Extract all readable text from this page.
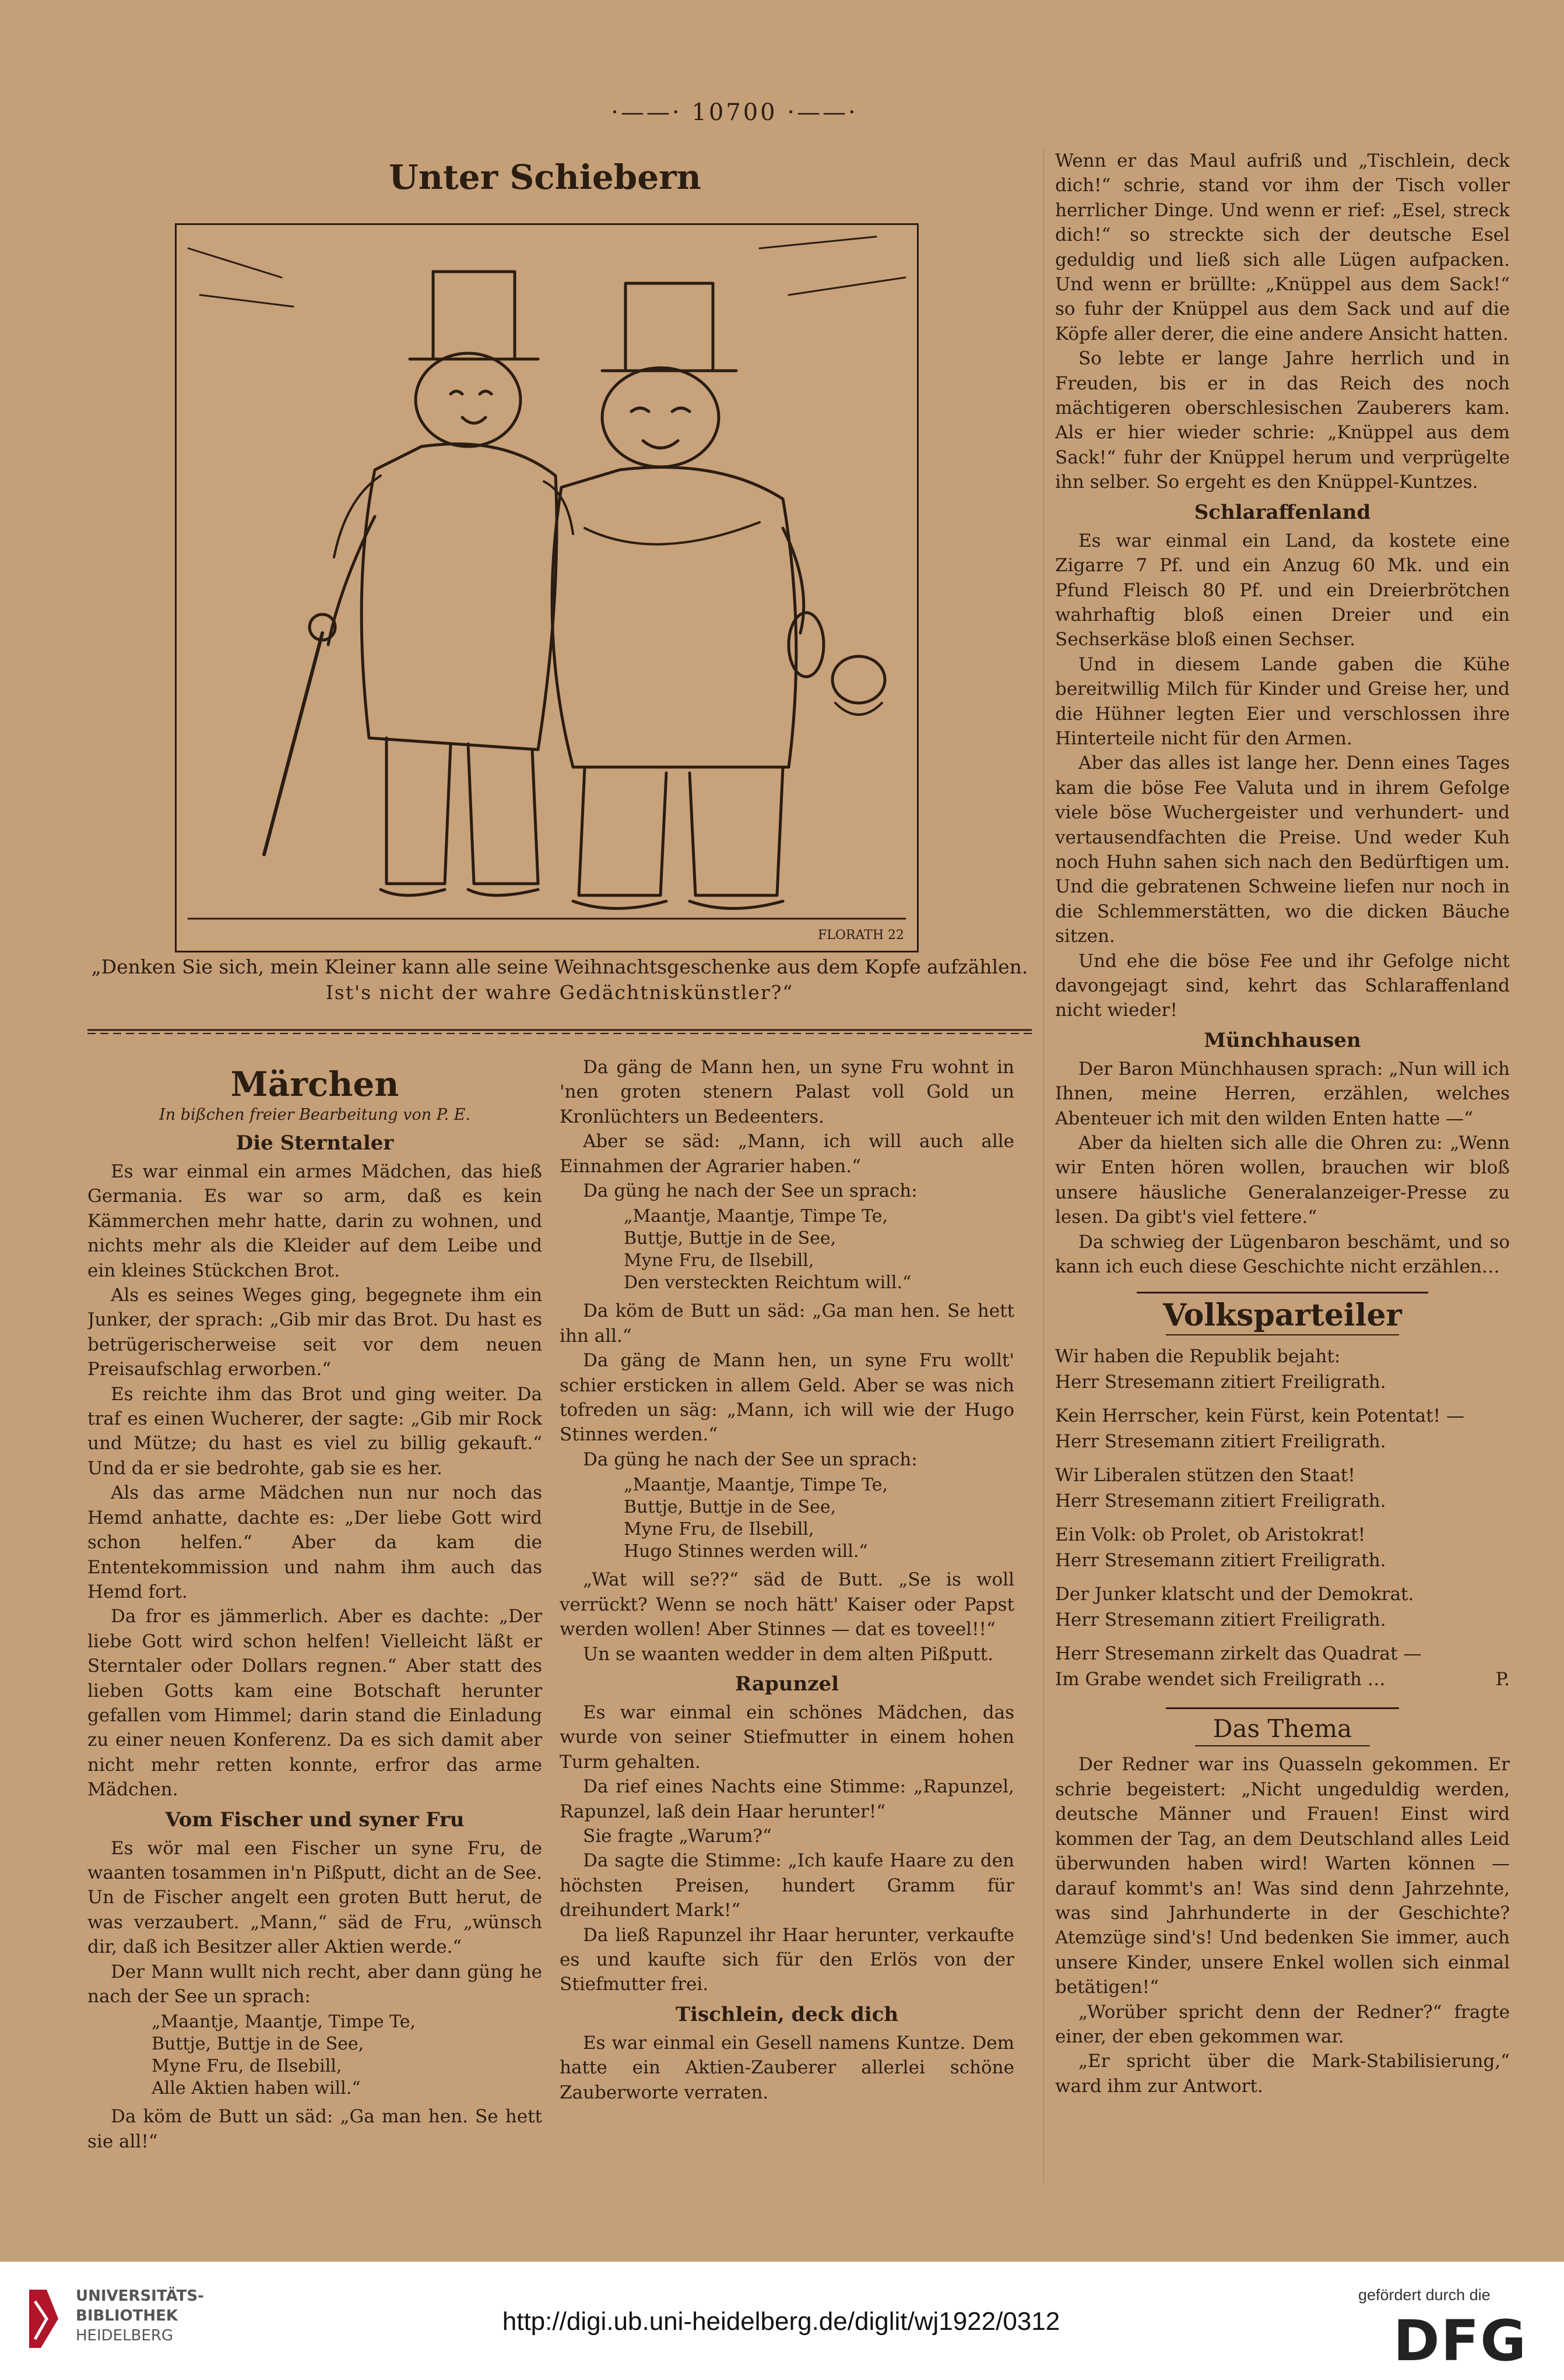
·——· 10700 ·——·
Unter Schiebern
FLORATH 22
„Denken Sie sich, mein Kleiner kann alle seine Weihnachtsgeschenke aus dem Kopfe aufzählen.
Ist's nicht der wahre Gedächtniskünstler?“
Märchen
In bißchen freier Bearbeitung von P. E.
Die Sterntaler

Es war einmal ein armes Mädchen, das hieß Germania. Es war so arm, daß es kein Kämmerchen mehr hatte, darin zu wohnen, und nichts mehr als die Kleider auf dem Leibe und ein kleines Stückchen Brot.

Als es seines Weges ging, begegnete ihm ein Junker, der sprach: „Gib mir das Brot. Du hast es betrügerischerweise seit vor dem neuen Preisaufschlag erworben.“

Es reichte ihm das Brot und ging weiter. Da traf es einen Wucherer, der sagte: „Gib mir Rock und Mütze; du hast es viel zu billig gekauft.“ Und da er sie bedrohte, gab sie es her.

Als das arme Mädchen nun nur noch das Hemd anhatte, dachte es: „Der liebe Gott wird schon helfen.“ Aber da kam die Ententekommission und nahm ihm auch das Hemd fort.

Da fror es jämmerlich. Aber es dachte: „Der liebe Gott wird schon helfen! Vielleicht läßt er Sterntaler oder Dollars regnen.“ Aber statt des lieben Gotts kam eine Botschaft herunter gefallen vom Himmel; darin stand die Einladung zu einer neuen Konferenz. Da es sich damit aber nicht mehr retten konnte, erfror das arme Mädchen.

Vom Fischer und syner Fru

Es wör mal een Fischer un syne Fru, de waanten tosammen in'n Pißputt, dicht an de See. Un de Fischer angelt een groten Butt herut, de was verzaubert. „Mann,“ säd de Fru, „wünsch dir, daß ich Besitzer aller Aktien werde.“

Der Mann wullt nich recht, aber dann güng he nach der See un sprach:

„Maantje, Maantje, Timpe Te,
Buttje, Buttje in de See,
Myne Fru, de Ilsebill,
Alle Aktien haben will.“

Da köm de Butt un säd: „Ga man hen. Se hett sie all!“

Da gäng de Mann hen, un syne Fru wohnt in 'nen groten stenern Palast voll Gold un Kronlüchters un Bedeenters.

Aber se säd: „Mann, ich will auch alle Einnahmen der Agrarier haben.“

Da güng he nach der See un sprach:

„Maantje, Maantje, Timpe Te,
Buttje, Buttje in de See,
Myne Fru, de Ilsebill,
Den versteckten Reichtum will.“

Da köm de Butt un säd: „Ga man hen. Se hett ihn all.“

Da gäng de Mann hen, un syne Fru wollt' schier ersticken in allem Geld. Aber se was nich tofreden un säg: „Mann, ich will wie der Hugo Stinnes werden.“

Da güng he nach der See un sprach:

„Maantje, Maantje, Timpe Te,
Buttje, Buttje in de See,
Myne Fru, de Ilsebill,
Hugo Stinnes werden will.“

„Wat will se??“ säd de Butt. „Se is woll verrückt? Wenn se noch hätt' Kaiser oder Papst werden wollen! Aber Stinnes — dat es toveel!!“

Un se waanten wedder in dem alten Pißputt.

Rapunzel

Es war einmal ein schönes Mädchen, das wurde von seiner Stiefmutter in einem hohen Turm gehalten.

Da rief eines Nachts eine Stimme: „Rapunzel, Rapunzel, laß dein Haar herunter!“

Sie fragte „Warum?“

Da sagte die Stimme: „Ich kaufe Haare zu den höchsten Preisen, hundert Gramm für dreihundert Mark!“

Da ließ Rapunzel ihr Haar herunter, verkaufte es und kaufte sich für den Erlös von der Stiefmutter frei.

Tischlein, deck dich

Es war einmal ein Gesell namens Kuntze. Dem hatte ein Aktien-Zauberer allerlei schöne Zauberworte verraten.

Wenn er das Maul aufriß und „Tischlein, deck dich!“ schrie, stand vor ihm der Tisch voller herrlicher Dinge. Und wenn er rief: „Esel, streck dich!“ so streckte sich der deutsche Esel geduldig und ließ sich alle Lügen aufpacken. Und wenn er brüllte: „Knüppel aus dem Sack!“ so fuhr der Knüppel aus dem Sack und auf die Köpfe aller derer, die eine andere Ansicht hatten.

So lebte er lange Jahre herrlich und in Freuden, bis er in das Reich des noch mächtigeren oberschlesischen Zauberers kam. Als er hier wieder schrie: „Knüppel aus dem Sack!“ fuhr der Knüppel herum und verprügelte ihn selber. So ergeht es den Knüppel-Kuntzes.

Schlaraffenland

Es war einmal ein Land, da kostete eine Zigarre 7 Pf. und ein Anzug 60 Mk. und ein Pfund Fleisch 80 Pf. und ein Dreierbrötchen wahrhaftig bloß einen Dreier und ein Sechserkäse bloß einen Sechser.

Und in diesem Lande gaben die Kühe bereitwillig Milch für Kinder und Greise her, und die Hühner legten Eier und verschlossen ihre Hinterteile nicht für den Armen.

Aber das alles ist lange her. Denn eines Tages kam die böse Fee Valuta und in ihrem Gefolge viele böse Wuchergeister und verhundert- und vertausendfachten die Preise. Und weder Kuh noch Huhn sahen sich nach den Bedürftigen um. Und die gebratenen Schweine liefen nur noch in die Schlemmerstätten, wo die dicken Bäuche sitzen.

Und ehe die böse Fee und ihr Gefolge nicht davongejagt sind, kehrt das Schlaraffenland nicht wieder!

Münchhausen

Der Baron Münchhausen sprach: „Nun will ich Ihnen, meine Herren, erzählen, welches Abenteuer ich mit den wilden Enten hatte —“

Aber da hielten sich alle die Ohren zu: „Wenn wir Enten hören wollen, brauchen wir bloß unsere häusliche Generalanzeiger-Presse zu lesen. Da gibt's viel fettere.“

Da schwieg der Lügenbaron beschämt, und so kann ich euch diese Geschichte nicht erzählen…

Volksparteiler

Wir haben die Republik bejaht:

Herr Stresemann zitiert Freiligrath.

Kein Herrscher, kein Fürst, kein Potentat! —

Herr Stresemann zitiert Freiligrath.

Wir Liberalen stützen den Staat!

Herr Stresemann zitiert Freiligrath.

Ein Volk: ob Prolet, ob Aristokrat!

Herr Stresemann zitiert Freiligrath.

Der Junker klatscht und der Demokrat.

Herr Stresemann zitiert Freiligrath.

Herr Stresemann zirkelt das Quadrat —

Im Grabe wendet sich Freiligrath …	P.

Das Thema

Der Redner war ins Quasseln gekommen. Er schrie begeistert: „Nicht ungeduldig werden, deutsche Männer und Frauen! Einst wird kommen der Tag, an dem Deutschland alles Leid überwunden haben wird! Warten können — darauf kommt's an! Was sind denn Jahrzehnte, was sind Jahrhunderte in der Geschichte? Atemzüge sind's! Und bedenken Sie immer, auch unsere Kinder, unsere Enkel wollen sich einmal betätigen!“

„Worüber spricht denn der Redner?“ fragte einer, der eben gekommen war.

„Er spricht über die Mark-Stabilisierung,“ ward ihm zur Antwort.

UNIVERSITÄTS-
BIBLIOTHEK
HEIDELBERG	http://digi.ub.uni-heidelberg.de/diglit/wj1922/0312
gefördert durch die
DFG
